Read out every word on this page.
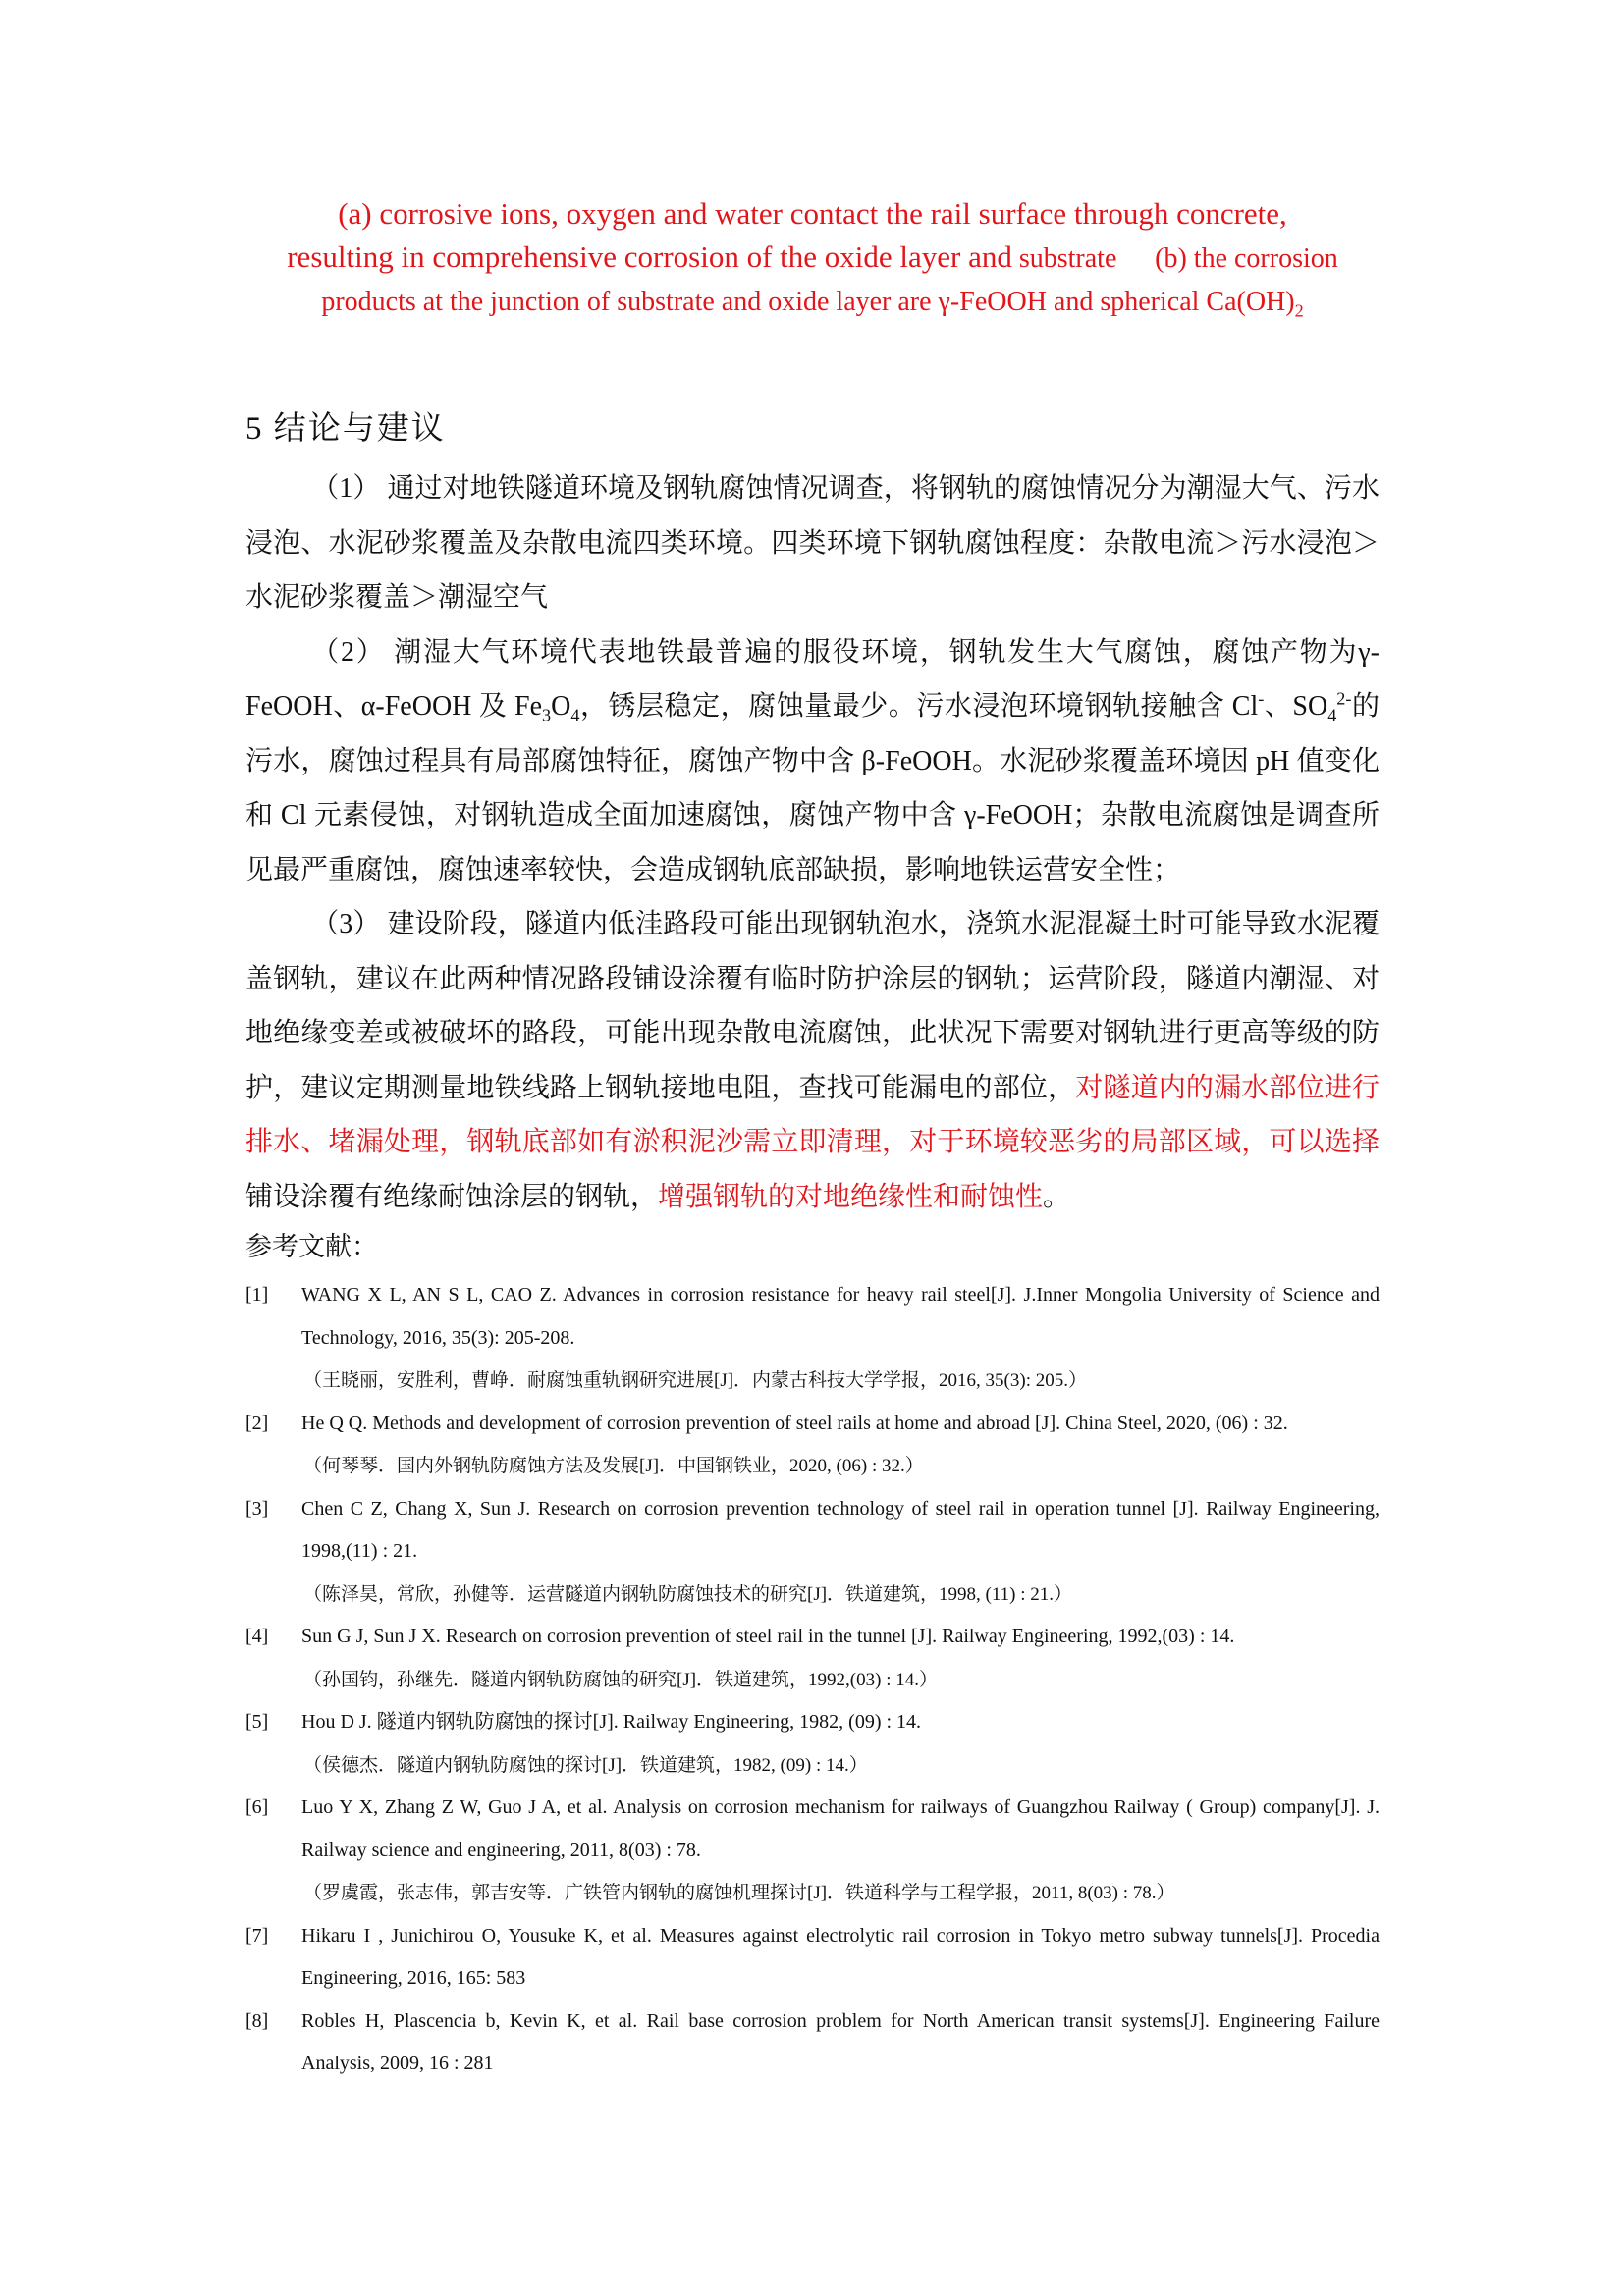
(a) corrosive ions, oxygen and water contact the rail surface through concrete,
resulting in comprehensive corrosion of the oxide layer and substrate (b) the corrosion
products at the junction of substrate and oxide layer are γ-FeOOH and spherical $Ca(OH)_2$
5 结论与建议

（1） 通过对地铁隧道环境及钢轨腐蚀情况调查，将钢轨的腐蚀情况分为潮湿大气、污水浸泡、水泥砂浆覆盖及杂散电流四类环境。四类环境下钢轨腐蚀程度：杂散电流＞污水浸泡＞水泥砂浆覆盖＞潮湿空气

（2） 潮湿大气环境代表地铁最普遍的服役环境，钢轨发生大气腐蚀，腐蚀产物为γ-FeOOH、α-FeOOH 及 $Fe_3O_4$，锈层稳定，腐蚀量最少。污水浸泡环境钢轨接触含 Cl-、$SO_4^{2-}$的污水，腐蚀过程具有局部腐蚀特征，腐蚀产物中含 β-FeOOH。水泥砂浆覆盖环境因 pH 值变化和 Cl 元素侵蚀，对钢轨造成全面加速腐蚀，腐蚀产物中含 γ-FeOOH；杂散电流腐蚀是调查所见最严重腐蚀，腐蚀速率较快，会造成钢轨底部缺损，影响地铁运营安全性；

（3） 建设阶段，隧道内低洼路段可能出现钢轨泡水，浇筑水泥混凝土时可能导致水泥覆盖钢轨，建议在此两种情况路段铺设涂覆有临时防护涂层的钢轨；运营阶段，隧道内潮湿、对地绝缘变差或被破坏的路段，可能出现杂散电流腐蚀，此状况下需要对钢轨进行更高等级的防护，建议定期测量地铁线路上钢轨接地电阻，查找可能漏电的部位，对隧道内的漏水部位进行排水、堵漏处理，钢轨底部如有淤积泥沙需立即清理，对于环境较恶劣的局部区域，可以选择铺设涂覆有绝缘耐蚀涂层的钢轨，增强钢轨的对地绝缘性和耐蚀性。

参考文献：
[1]	WANG X L, AN S L, CAO Z. Advances in corrosion resistance for heavy rail steel[J]. J.Inner Mongolia University of Science and Technology, 2016, 35(3): 205-208.
（王晓丽，安胜利，曹峥．耐腐蚀重轨钢研究进展[J]．内蒙古科技大学学报，2016, 35(3): 205.）
[2]	He Q Q. Methods and development of corrosion prevention of steel rails at home and abroad [J]. China Steel, 2020, (06) : 32.
（何琴琴．国内外钢轨防腐蚀方法及发展[J]．中国钢铁业，2020, (06) : 32.）
[3]	Chen C Z, Chang X, Sun J. Research on corrosion prevention technology of steel rail in operation tunnel [J]. Railway Engineering, 1998,(11) : 21.
（陈泽昊，常欣，孙健等．运营隧道内钢轨防腐蚀技术的研究[J]．铁道建筑，1998, (11) : 21.）
[4]	Sun G J, Sun J X. Research on corrosion prevention of steel rail in the tunnel [J]. Railway Engineering, 1992,(03) : 14.
（孙国钧，孙继先．隧道内钢轨防腐蚀的研究[J]．铁道建筑，1992,(03) : 14.）
[5]	Hou D J. 隧道内钢轨防腐蚀的探讨[J]. Railway Engineering, 1982, (09) : 14.
（侯德杰．隧道内钢轨防腐蚀的探讨[J]．铁道建筑，1982, (09) : 14.）
[6]	Luo Y X, Zhang Z W, Guo J A, et al. Analysis on corrosion mechanism for railways of Guangzhou Railway ( Group) company[J]. J. Railway science and engineering, 2011, 8(03) : 78.
（罗虞霞，张志伟，郭吉安等．广铁管内钢轨的腐蚀机理探讨[J]．铁道科学与工程学报，2011, 8(03) : 78.）
[7]	Hikaru I , Junichirou O, Yousuke K, et al. Measures against electrolytic rail corrosion in Tokyo metro subway tunnels[J]. Procedia Engineering, 2016, 165: 583
[8]	Robles H, Plascencia b, Kevin K, et al. Rail base corrosion problem for North American transit systems[J]. Engineering Failure Analysis, 2009, 16 : 281
